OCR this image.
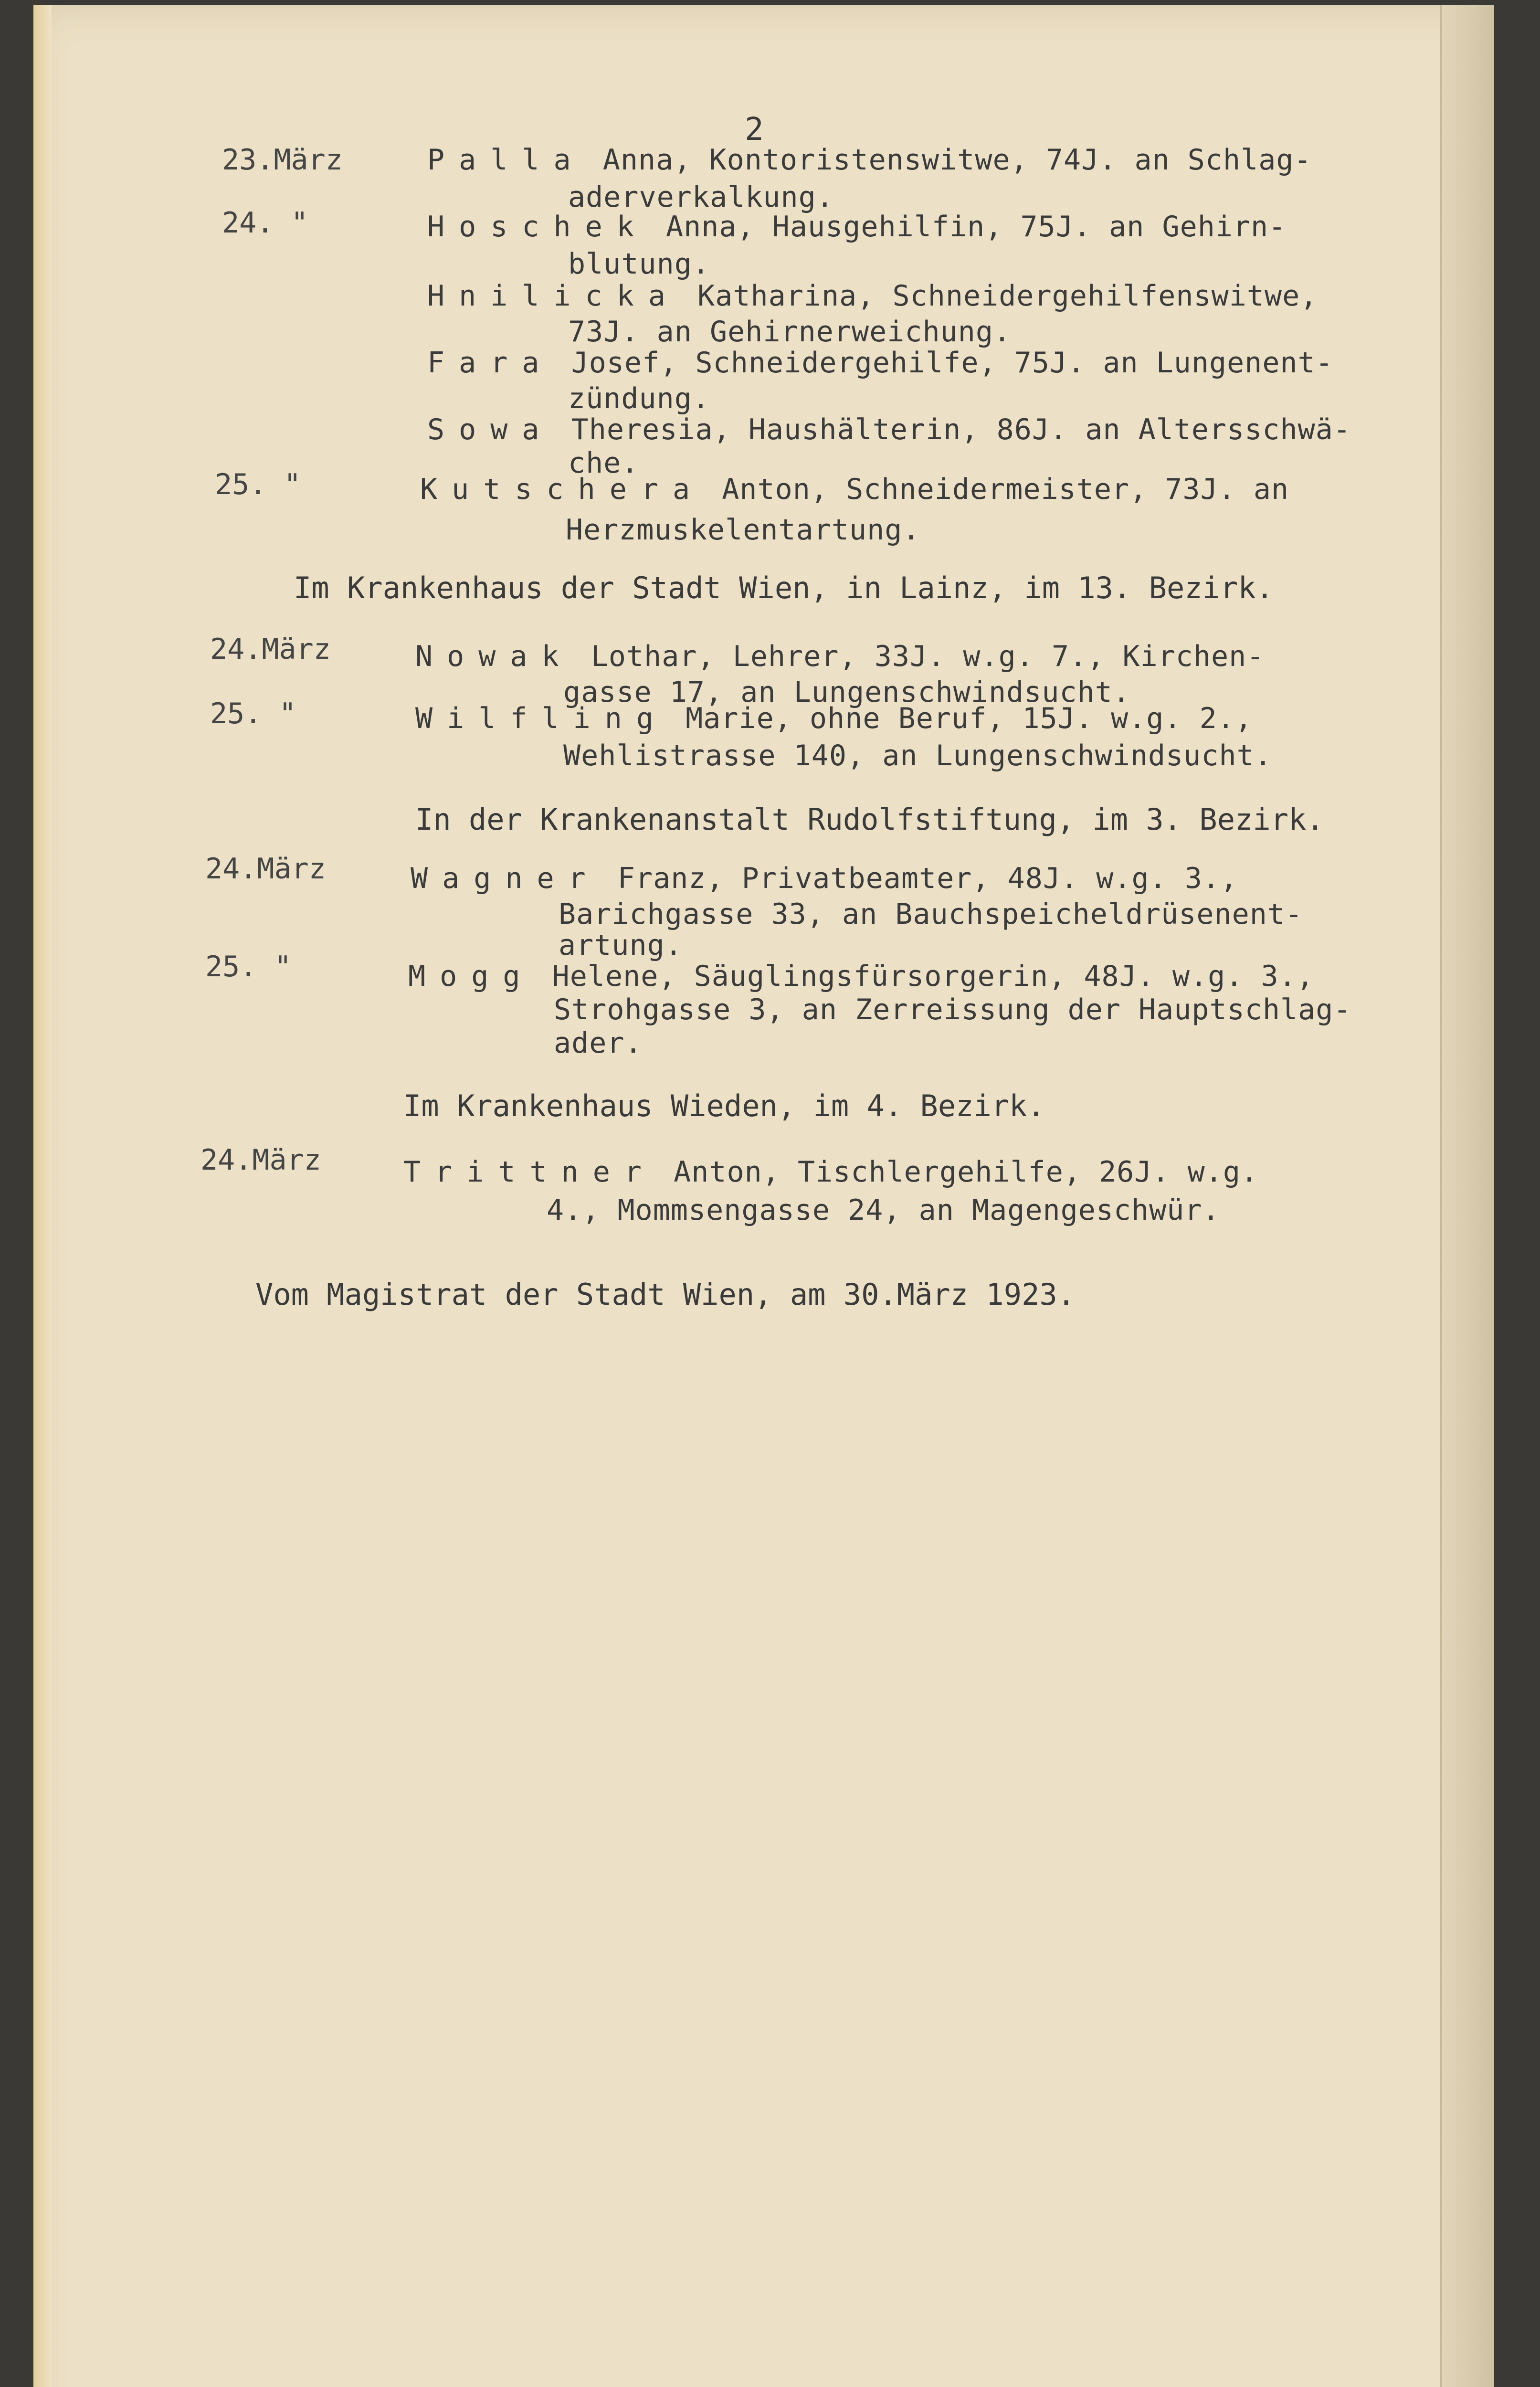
2
23.März	Palla Anna, Kontoristenswitwe, 74J. an Schlag-
aderverkalkung.
24. "	Hoschek Anna, Hausgehilfin, 75J. an Gehirn-
blutung.
Hnilicka Katharina, Schneidergehilfenswitwe,
73J. an Gehirnerweichung.
Fara Josef, Schneidergehilfe, 75J. an Lungenent-
zündung.
Sowa Theresia, Haushälterin, 86J. an Altersschwä-
che.
25. "	Kutschera Anton, Schneidermeister, 73J. an
Herzmuskelentartung.
Im Krankenhaus der Stadt Wien, in Lainz, im 13. Bezirk.
24.März	Nowak Lothar, Lehrer, 33J. w.g. 7., Kirchen-
gasse 17, an Lungenschwindsucht.
25. "	Wilfling Marie, ohne Beruf, 15J. w.g. 2.,
Wehlistrasse 140, an Lungenschwindsucht.
In der Krankenanstalt Rudolfstiftung, im 3. Bezirk.
24.März	Wagner Franz, Privatbeamter, 48J. w.g. 3.,
Barichgasse 33, an Bauchspeicheldrüsenent-
artung.
25. "	Mogg Helene, Säuglingsfürsorgerin, 48J. w.g. 3.,
Strohgasse 3, an Zerreissung der Hauptschlag-
ader.
Im Krankenhaus Wieden, im 4. Bezirk.
24.März	Trittner Anton, Tischlergehilfe, 26J. w.g.
4., Mommsengasse 24, an Magengeschwür.
Vom Magistrat der Stadt Wien, am 30.März 1923.
